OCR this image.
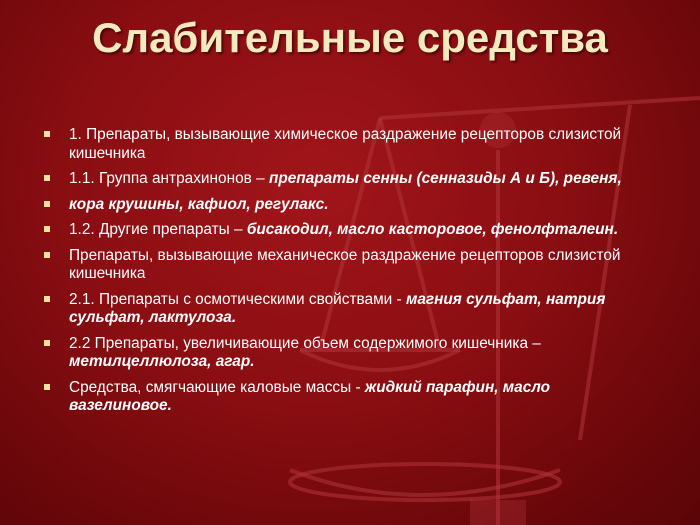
Слабительные средства
1. Препараты, вызывающие химическое раздражение рецепторов слизистой кишечника
1.1. Группа антрахинонов – препараты сенны (сенназиды А и Б), ревеня,
кора крушины, кафиол, регулакс.
1.2. Другие препараты – бисакодил, масло касторовое, фенолфталеин.
Препараты, вызывающие механическое раздражение рецепторов слизистой кишечника
2.1. Препараты с осмотическими свойствами - магния сульфат, натрия сульфат, лактулоза.
2.2 Препараты, увеличивающие объем содержимого кишечника – метилцеллюлоза, агар.
Средства, смягчающие каловые массы - жидкий парафин, масло вазелиновое.
